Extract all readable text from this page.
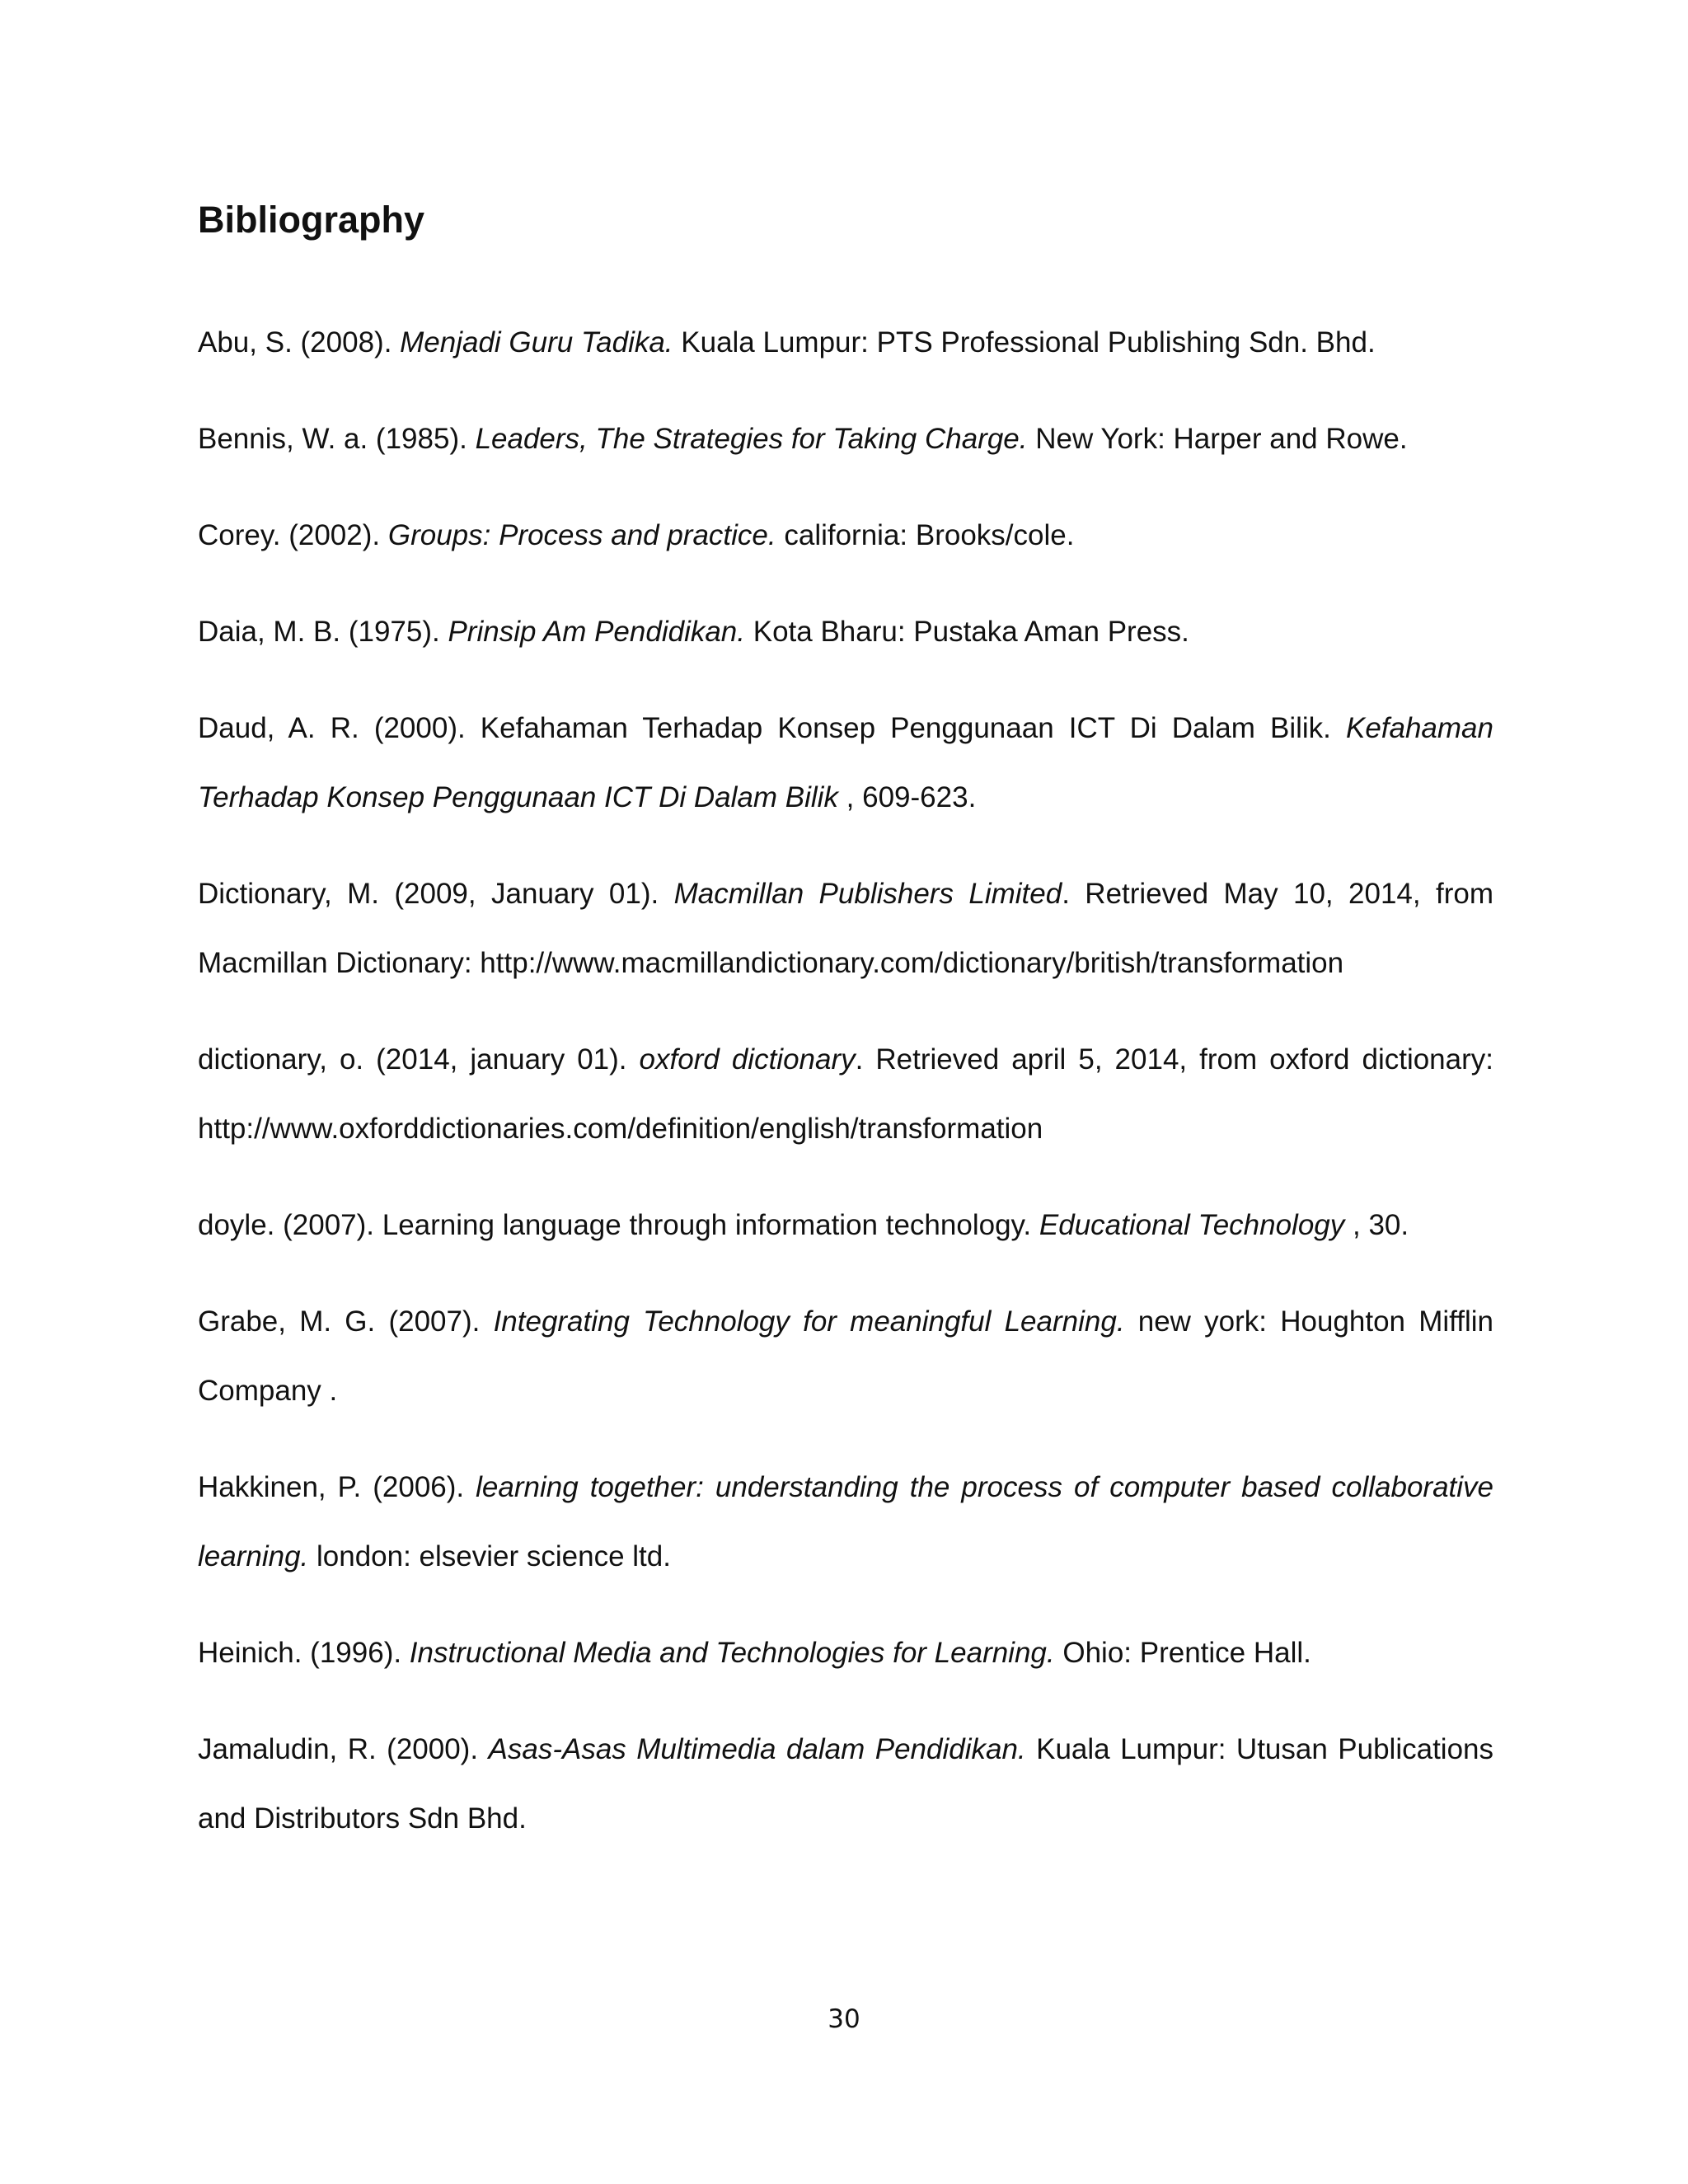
Bibliography

Abu, S. (2008). Menjadi Guru Tadika. Kuala Lumpur: PTS Professional Publishing Sdn. Bhd.

Bennis, W. a. (1985). Leaders, The Strategies for Taking Charge. New York: Harper and Rowe.

Corey. (2002). Groups: Process and practice. california: Brooks/cole.

Daia, M. B. (1975). Prinsip Am Pendidikan. Kota Bharu: Pustaka Aman Press.

Daud, A. R. (2000). Kefahaman Terhadap Konsep Penggunaan ICT Di Dalam Bilik. Kefahaman Terhadap Konsep Penggunaan ICT Di Dalam Bilik , 609-623.

Dictionary, M. (2009, January 01). Macmillan Publishers Limited. Retrieved May 10, 2014, from Macmillan Dictionary: http://www.macmillandictionary.com/dictionary/british/transformation

dictionary, o. (2014, january 01). oxford dictionary. Retrieved april 5, 2014, from oxford dictionary: http://www.oxforddictionaries.com/definition/english/transformation

doyle. (2007). Learning language through information technology. Educational Technology , 30.

Grabe, M. G. (2007). Integrating Technology for meaningful Learning. new york: Houghton Mifflin Company .

Hakkinen, P. (2006). learning together: understanding the process of computer based collaborative learning. london: elsevier science ltd.

Heinich. (1996). Instructional Media and Technologies for Learning. Ohio: Prentice Hall.

Jamaludin, R. (2000). Asas-Asas Multimedia dalam Pendidikan. Kuala Lumpur: Utusan Publications and Distributors Sdn Bhd.

30
